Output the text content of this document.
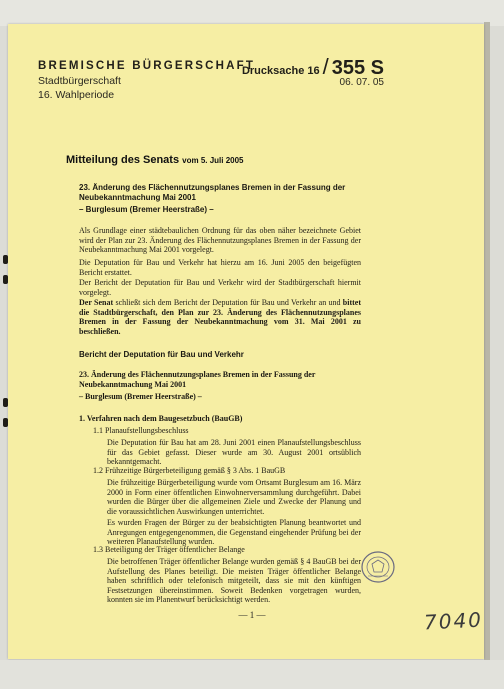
BREMISCHE BÜRGERSCHAFT
Stadtbürgerschaft
16. Wahlperiode
Drucksache 16 / 355 S
06. 07. 05
Mitteilung des Senats vom 5. Juli 2005
23. Änderung des Flächennutzungsplanes Bremen in der Fassung der Neubekanntmachung Mai 2001
– Burglesum (Bremer Heerstraße) –
Als Grundlage einer städtebaulichen Ordnung für das oben näher bezeichnete Gebiet wird der Plan zur 23. Änderung des Flächennutzungsplanes Bremen in der Fassung der Neubekanntmachung Mai 2001 vorgelegt.
Die Deputation für Bau und Verkehr hat hierzu am 16. Juni 2005 den beigefügten Bericht erstattet.
Der Bericht der Deputation für Bau und Verkehr wird der Stadtbürgerschaft hiermit vorgelegt.
Der Senat schließt sich dem Bericht der Deputation für Bau und Verkehr an und bittet die Stadtbürgerschaft, den Plan zur 23. Änderung des Flächennutzungsplanes Bremen in der Fassung der Neubekanntmachung vom 31. Mai 2001 zu beschließen.
Bericht der Deputation für Bau und Verkehr
23. Änderung des Flächennutzungsplanes Bremen in der Fassung der Neubekanntmachung Mai 2001
– Burglesum (Bremer Heerstraße) –
1. Verfahren nach dem Baugesetzbuch (BauGB)
1.1 Planaufstellungsbeschluss
Die Deputation für Bau hat am 28. Juni 2001 einen Planaufstellungsbeschluss für das Gebiet gefasst. Dieser wurde am 30. August 2001 ortsüblich bekanntgemacht.
1.2 Frühzeitige Bürgerbeteiligung gemäß § 3 Abs. 1 BauGB
Die frühzeitige Bürgerbeteiligung wurde vom Ortsamt Burglesum am 16. März 2000 in Form einer öffentlichen Einwohnerversammlung durchgeführt. Dabei wurden die Bürger über die allgemeinen Ziele und Zwecke der Planung und die voraussichtlichen Auswirkungen unterrichtet.
Es wurden Fragen der Bürger zu der beabsichtigten Planung beantwortet und Anregungen entgegengenommen, die Gegenstand eingehender Prüfung bei der weiteren Planaufstellung wurden.
1.3 Beteiligung der Träger öffentlicher Belange
Die betroffenen Träger öffentlicher Belange wurden gemäß § 4 BauGB bei der Aufstellung des Planes beteiligt. Die meisten Träger öffentlicher Belange haben schriftlich oder telefonisch mitgeteilt, dass sie mit den künftigen Festsetzungen übereinstimmen. Soweit Bedenken vorgetragen wurden, konnten sie im Planentwurf berücksichtigt werden.
— 1 —	7040
